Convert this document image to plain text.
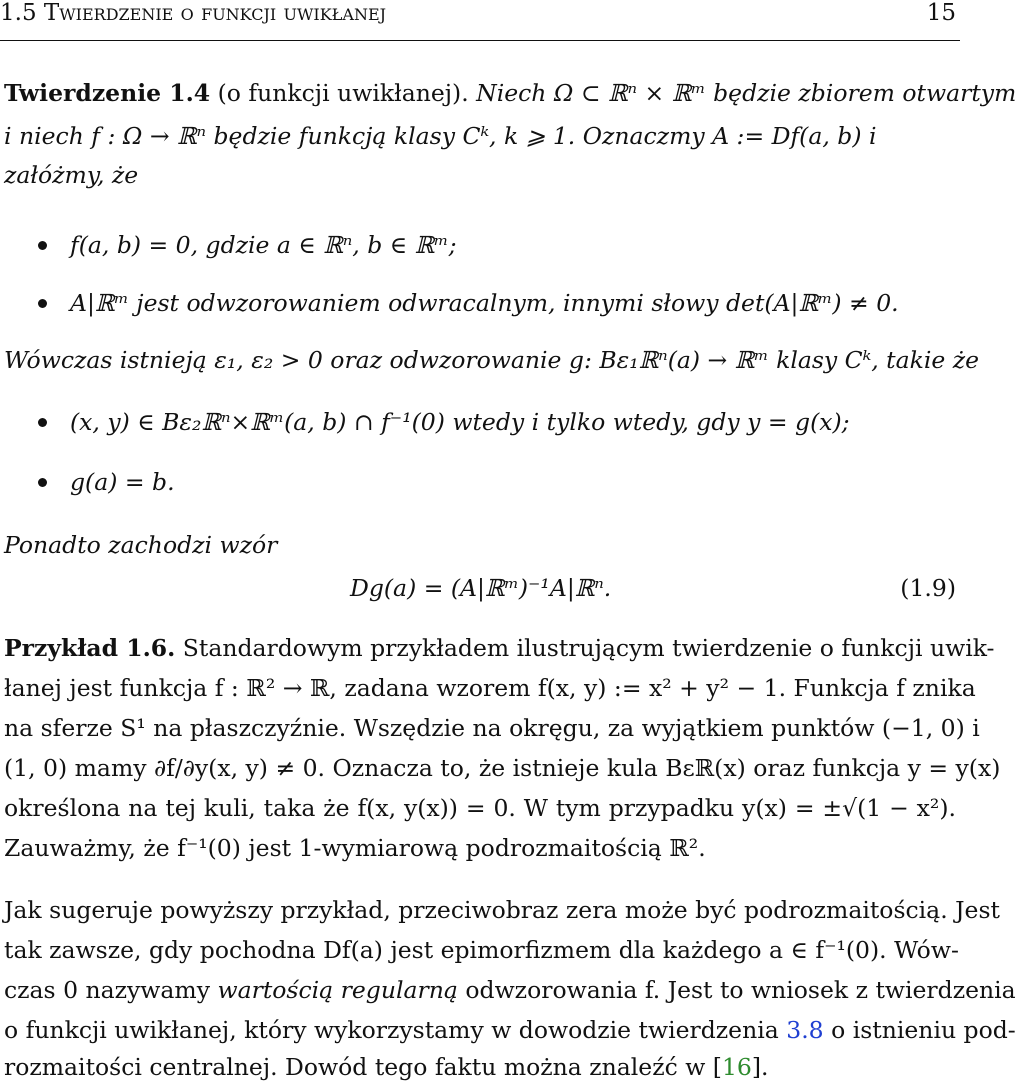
1.5 Twierdzenie o funkcji uwikłanej	15
Twierdzenie 1.4 (o funkcji uwikłanej). Niech Ω ⊂ ℝⁿ × ℝᵐ będzie zbiorem otwartym
i niech f : Ω → ℝⁿ będzie funkcją klasy Cᵏ, k ⩾ 1. Oznaczmy A := Df(a, b) i
załóżmy, że
f(a, b) = 0, gdzie a ∈ ℝⁿ, b ∈ ℝᵐ;
A|ℝᵐ jest odwzorowaniem odwracalnym, innymi słowy det(A|ℝᵐ) ≠ 0.
Wówczas istnieją ε₁, ε₂ > 0 oraz odwzorowanie g: Bε₁ℝⁿ(a) → ℝᵐ klasy Cᵏ, takie że
(x, y) ∈ Bε₂ℝⁿ×ℝᵐ(a, b) ∩ f⁻¹(0) wtedy i tylko wtedy, gdy y = g(x);
g(a) = b.
Ponadto zachodzi wzór
Dg(a) = (A|ℝᵐ)⁻¹A|ℝⁿ.	(1.9)
Przykład 1.6. Standardowym przykładem ilustrującym twierdzenie o funkcji uwik-
łanej jest funkcja f : ℝ² → ℝ, zadana wzorem f(x, y) := x² + y² − 1. Funkcja f znika
na sferze S¹ na płaszczyźnie. Wszędzie na okręgu, za wyjątkiem punktów (−1, 0) i
(1, 0) mamy ∂f/∂y(x, y) ≠ 0. Oznacza to, że istnieje kula Bεℝ(x) oraz funkcja y = y(x)
określona na tej kuli, taka że f(x, y(x)) = 0. W tym przypadku y(x) = ±√(1 − x²).
Zauważmy, że f⁻¹(0) jest 1-wymiarową podrozmaitością ℝ².
Jak sugeruje powyższy przykład, przeciwobraz zera może być podrozmaitością. Jest
tak zawsze, gdy pochodna Df(a) jest epimorfizmem dla każdego a ∈ f⁻¹(0). Wów-
czas 0 nazywamy wartością regularną odwzorowania f. Jest to wniosek z twierdzenia
o funkcji uwikłanej, który wykorzystamy w dowodzie twierdzenia 3.8 o istnieniu pod-
rozmaitości centralnej. Dowód tego faktu można znaleźć w [16].
